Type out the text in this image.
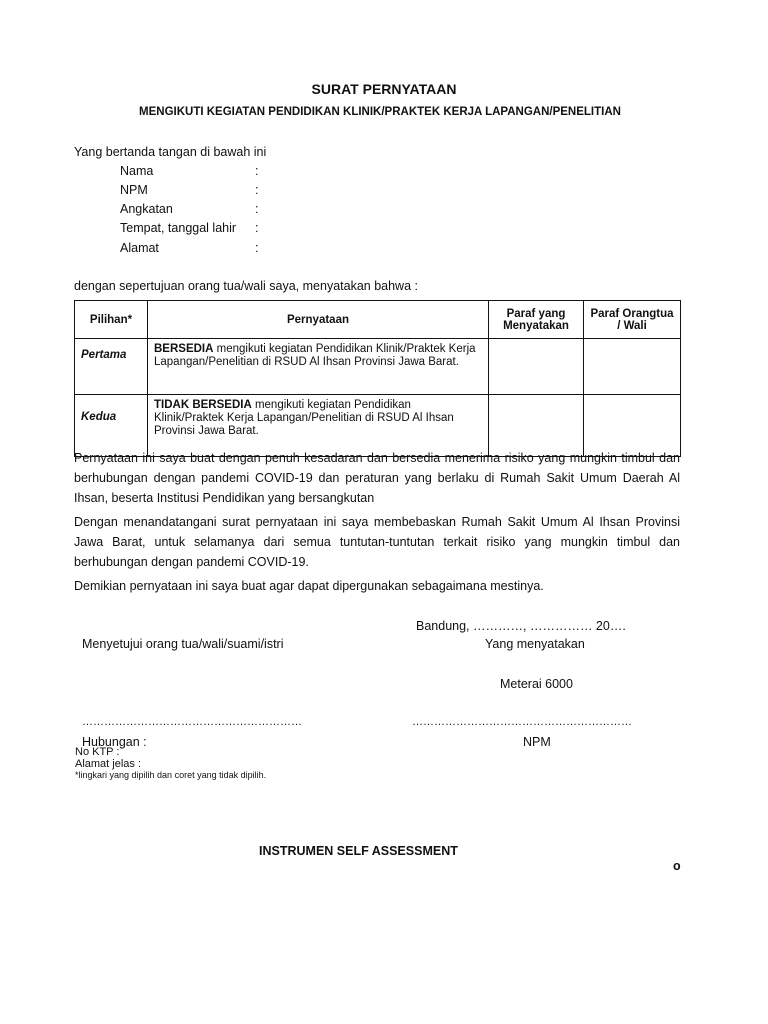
SURAT PERNYATAAN
MENGIKUTI KEGIATAN PENDIDIKAN KLINIK/PRAKTEK KERJA LAPANGAN/PENELITIAN
Yang bertanda tangan di bawah ini
Nama	:
NPM	:
Angkatan	:
Tempat, tanggal lahir :
Alamat	:
dengan sepertujuan orang tua/wali saya, menyatakan bahwa :
Pilihan*	Pernyataan	Paraf yang Menyatakan	Paraf Orangtua / Wali
Pertama	BERSEDIA mengikuti kegiatan Pendidikan Klinik/Praktek Kerja Lapangan/Penelitian di RSUD Al Ihsan Provinsi Jawa Barat.		
Kedua	TIDAK BERSEDIA mengikuti kegiatan Pendidikan Klinik/Praktek Kerja Lapangan/Penelitian di RSUD Al Ihsan Provinsi Jawa Barat.		
Pernyataan ini saya buat dengan penuh kesadaran dan bersedia menerima risiko yang mungkin timbul dan berhubungan dengan pandemi COVID-19 dan peraturan yang berlaku di Rumah Sakit Umum Daerah Al Ihsan, beserta Institusi Pendidikan yang bersangkutan
Dengan menandatangani surat pernyataan ini saya membebaskan Rumah Sakit Umum Al Ihsan Provinsi Jawa Barat, untuk selamanya dari semua tuntutan-tuntutan terkait risiko yang mungkin timbul dan berhubungan dengan pandemi COVID-19.
Demikian pernyataan ini saya buat agar dapat dipergunakan sebagaimana mestinya.
Bandung, …………, …………… 20….
Menyetujui orang tua/wali/suami/istri	Yang menyatakan
Meterai 6000
……………………………………………………	……………………………………………………
Hubungan :	NPM
No KTP :
Alamat jelas :
*lingkari yang dipilih dan coret yang tidak dipilih.
INSTRUMEN SELF ASSESSMENT
o
